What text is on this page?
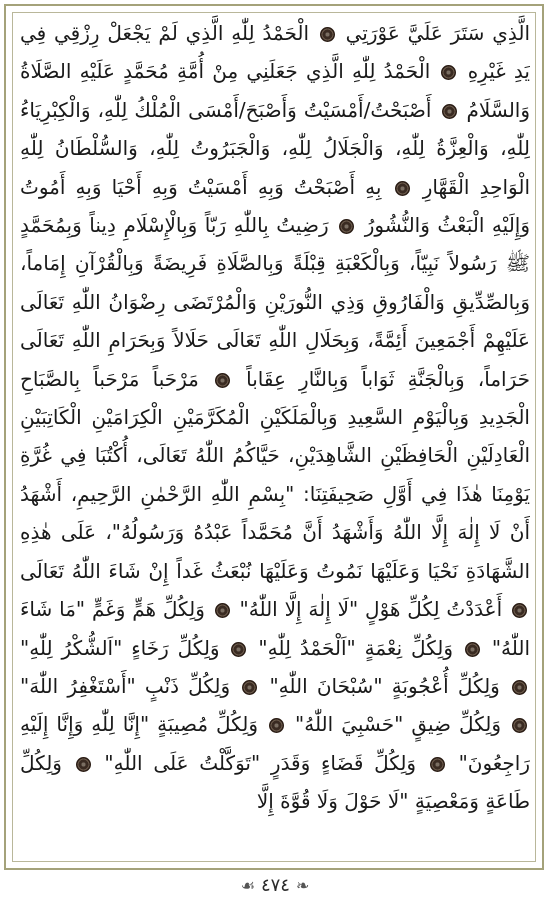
الَّذِي سَتَرَ عَلَيَّ عَوْرَتِي  الْحَمْدُ لِلّٰهِ الَّذِي لَمْ يَجْعَلْ رِزْقِي فِي يَدِ غَيْرِهِ  الْحَمْدُ لِلّٰهِ الَّذِي جَعَلَنِي مِنْ أُمَّةِ مُحَمَّدٍ عَلَيْهِ الصَّلَاةُ وَالسَّلَامُ  أَصْبَحْتُ/أَمْسَيْتُ وَأَصْبَحَ/أَمْسَى الْمُلْكُ لِلّٰهِ، وَالْكِبْرِيَاءُ لِلّٰهِ، وَالْعِزَّةُ لِلّٰهِ، وَالْجَلَالُ لِلّٰهِ، وَالْجَبَرُوتُ لِلّٰهِ، وَالسُّلْطَانُ لِلّٰهِ الْوَاحِدِ الْقَهَّارِ  بِهِ أَصْبَحْتُ وَبِهِ أَمْسَيْتُ وَبِهِ أَحْيَا وَبِهِ أَمُوتُ وَإِلَيْهِ الْبَعْثُ وَالنُّشُورُ  رَضِيتُ بِاللّٰهِ رَبّاً وَبِالْإِسْلَامِ دِيناً وَبِمُحَمَّدٍ ﷺ رَسُولاً نَبِيّاً، وَبِالْكَعْبَةِ قِبْلَةً وَبِالصَّلَاةِ فَرِيضَةً وَبِالْقُرْآنِ إِمَاماً، وَبِالصِّدِّيقِ وَالْفَارُوقِ وَذِي النُّورَيْنِ وَالْمُرْتَضَى رِضْوَانُ اللّٰهِ تَعَالَى عَلَيْهِمْ أَجْمَعِينَ أَئِمَّةً، وَبِحَلَالِ اللّٰهِ تَعَالَى حَلَالاً وَبِحَرَامِ اللّٰهِ تَعَالَى حَرَاماً، وَبِالْجَنَّةِ ثَوَاباً وَبِالنَّارِ عِقَاباً  مَرْحَباً مَرْحَباً بِالصَّبَاحِ الْجَدِيدِ وَبِالْيَوْمِ السَّعِيدِ وَبِالْمَلَكَيْنِ الْمُكَرَّمَيْنِ الْكِرَامَيْنِ الْكَاتِبَيْنِ الْعَادِلَيْنِ الْحَافِظَيْنِ الشَّاهِدَيْنِ، حَيَّاكُمُ اللّٰهُ تَعَالَى، أُكْتُبَا فِي غُرَّةِ يَوْمِنَا هٰذَا فِي أَوَّلِ صَحِيفَتِنَا: "بِسْمِ اللّٰهِ الرَّحْمٰنِ الرَّحِيمِ، أَشْهَدُ أَنْ لَا إِلٰهَ إِلَّا اللّٰهُ وَأَشْهَدُ أَنَّ مُحَمَّداً عَبْدُهُ وَرَسُولُهُ"، عَلَى هٰذِهِ الشَّهَادَةِ نَحْيَا وَعَلَيْهَا نَمُوتُ وَعَلَيْهَا نُبْعَثُ غَداً إِنْ شَاءَ اللّٰهُ تَعَالَى  أَعْدَدْتُ لِكُلِّ هَوْلٍ "لَا إِلٰهَ إِلَّا اللّٰهُ"  وَلِكُلِّ هَمٍّ وَغَمٍّ "مَا شَاءَ اللّٰهُ"  وَلِكُلِّ نِعْمَةٍ "اَلْحَمْدُ لِلّٰهِ"  وَلِكُلِّ رَخَاءٍ "اَلشُّكْرُ لِلّٰهِ"  وَلِكُلِّ أُعْجُوبَةٍ "سُبْحَانَ اللّٰهِ"  وَلِكُلِّ ذَنْبٍ "أَسْتَغْفِرُ اللّٰهَ"  وَلِكُلِّ ضِيقٍ "حَسْبِيَ اللّٰهُ"  وَلِكُلِّ مُصِيبَةٍ "إِنَّا لِلّٰهِ وَإِنَّا إِلَيْهِ رَاجِعُونَ"  وَلِكُلِّ قَضَاءٍ وَقَدَرٍ "تَوَكَّلْتُ عَلَى اللّٰهِ"  وَلِكُلِّ طَاعَةٍ وَمَعْصِيَةٍ "لَا حَوْلَ وَلَا قُوَّةَ إِلَّا

☙ ٤٧٤ ❧
